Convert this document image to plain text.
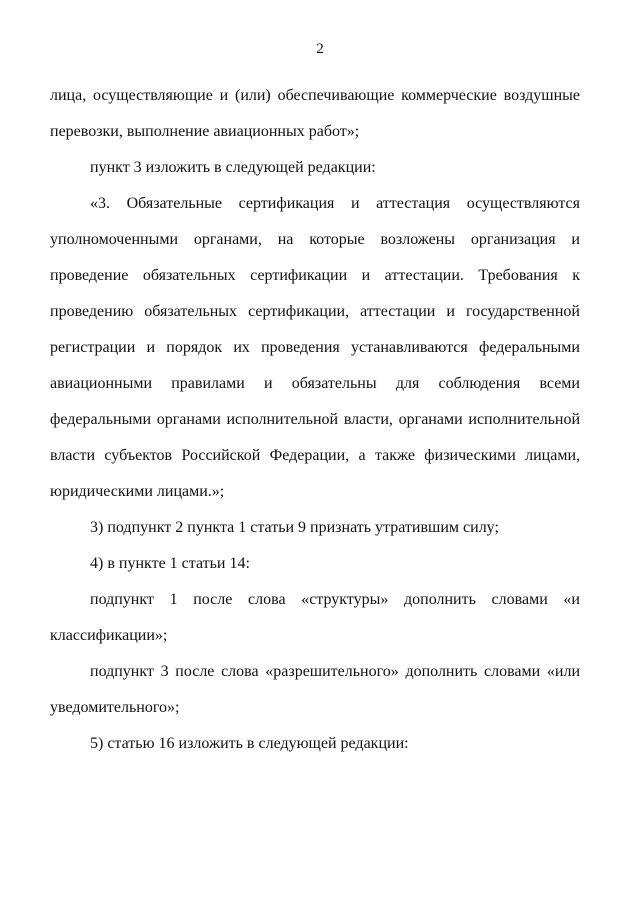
2

лица, осуществляющие и (или) обеспечивающие коммерческие воздушные перевозки, выполнение авиационных работ»;

пункт 3 изложить в следующей редакции:

«3. Обязательные сертификация и аттестация осуществляются уполномоченными органами, на которые возложены организация и проведение обязательных сертификации и аттестации. Требования к проведению обязательных сертификации, аттестации и государственной регистрации и порядок их проведения устанавливаются федеральными авиационными правилами и обязательны для соблюдения всеми федеральными органами исполнительной власти, органами исполнительной власти субъектов Российской Федерации, а также физическими лицами, юридическими лицами.»;

3) подпункт 2 пункта 1 статьи 9 признать утратившим силу;

4) в пункте 1 статьи 14:

подпункт 1 после слова «структуры» дополнить словами «и классификации»;

подпункт 3 после слова «разрешительного» дополнить словами «или уведомительного»;

5) статью 16 изложить в следующей редакции:
